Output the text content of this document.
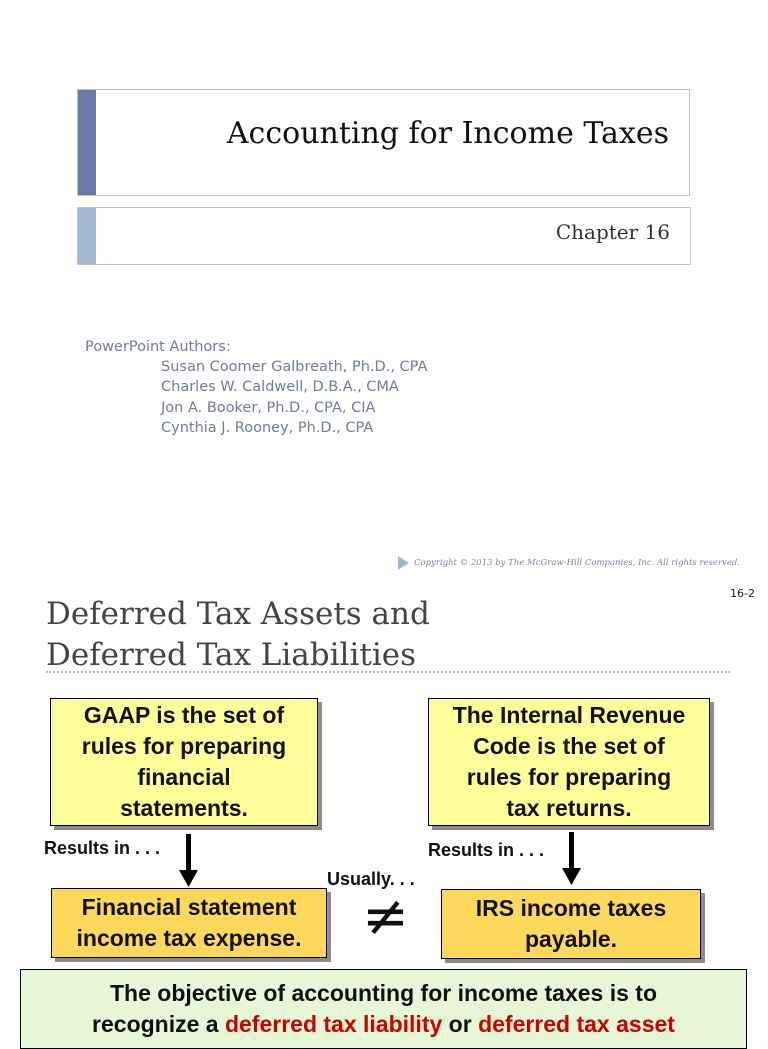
Accounting for Income Taxes
Chapter 16
PowerPoint Authors:
Susan Coomer Galbreath, Ph.D., CPA
Charles W. Caldwell, D.B.A., CMA
Jon A. Booker, Ph.D., CPA, CIA
Cynthia J. Rooney, Ph.D., CPA
Copyright © 2013 by The McGraw-Hill Companies, Inc. All rights reserved.
16-2
Deferred Tax Assets and
Deferred Tax Liabilities
GAAP is the set of
rules for preparing
financial
statements.
The Internal Revenue
Code is the set of
rules for preparing
tax returns.
Results in . . .	Results in . . .
Usually. . .
≠
Financial statement
income tax expense.
IRS income taxes
payable.
The objective of accounting for income taxes is to
recognize a deferred tax liability or deferred tax asset
